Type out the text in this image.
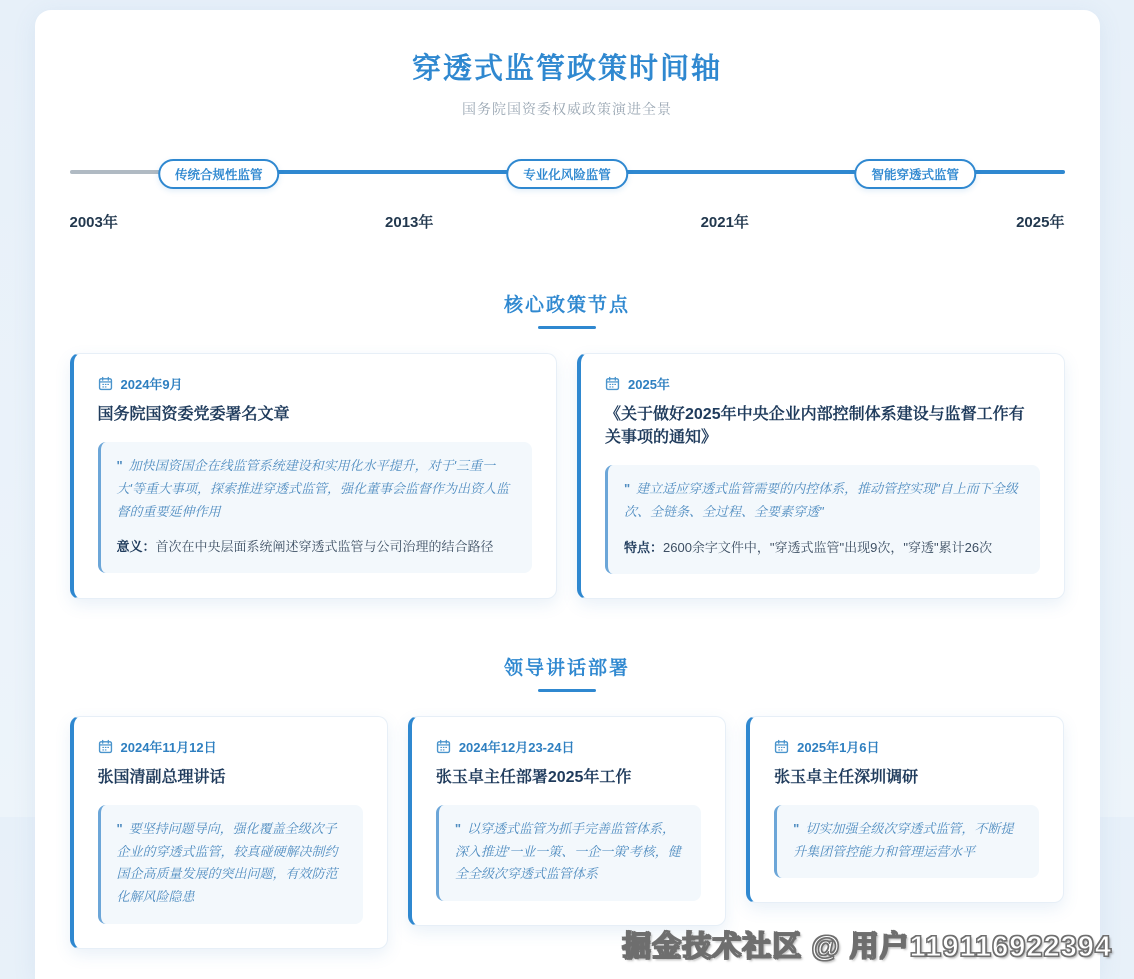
穿透式监管政策时间轴

国务院国资委权威政策演进全景

传统合规性监管	专业化风险监管	智能穿透式监管
2003年	2013年	2021年	2025年
核心政策节点
2024年9月
国务院国资委党委署名文章

" 加快国资国企在线监管系统建设和实用化水平提升，对于'三重一大'等重大事项，探索推进穿透式监管，强化董事会监督作为出资人监督的重要延伸作用

意义：首次在中央层面系统阐述穿透式监管与公司治理的结合路径

2025年
《关于做好2025年中央企业内部控制体系建设与监督工作有关事项的通知》

" 建立适应穿透式监管需要的内控体系，推动管控实现"自上而下全级次、全链条、全过程、全要素穿透"

特点：2600余字文件中，"穿透式监管"出现9次，"穿透"累计26次

领导讲话部署
2024年11月12日
张国清副总理讲话

" 要坚持问题导向，强化覆盖全级次子企业的穿透式监管，较真碰硬解决制约国企高质量发展的突出问题，有效防范化解风险隐患

2024年12月23-24日
张玉卓主任部署2025年工作

" 以穿透式监管为抓手完善监管体系，深入推进'一业一策、一企一策'考核，健全全级次穿透式监管体系

2025年1月6日
张玉卓主任深圳调研

" 切实加强全级次穿透式监管，不断提升集团管控能力和管理运营水平

掘金技术社区 @ 用户119116922394
